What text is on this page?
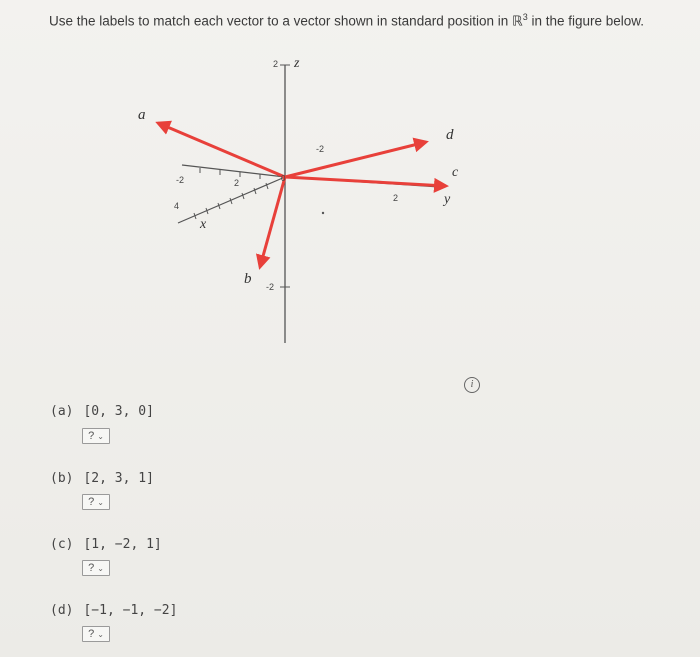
Use the labels to match each vector to a vector shown in standard position in ℝ$^3$ in the figure below.
z
2
-2
0
x
-2	2
4	y
-2
2
a
b
c
d
i
(a) [0, 3, 0]
? ⌄
(b) [2, 3, 1]
? ⌄
(c) [1, −2, 1]
? ⌄
(d) [−1, −1, −2]
? ⌄
